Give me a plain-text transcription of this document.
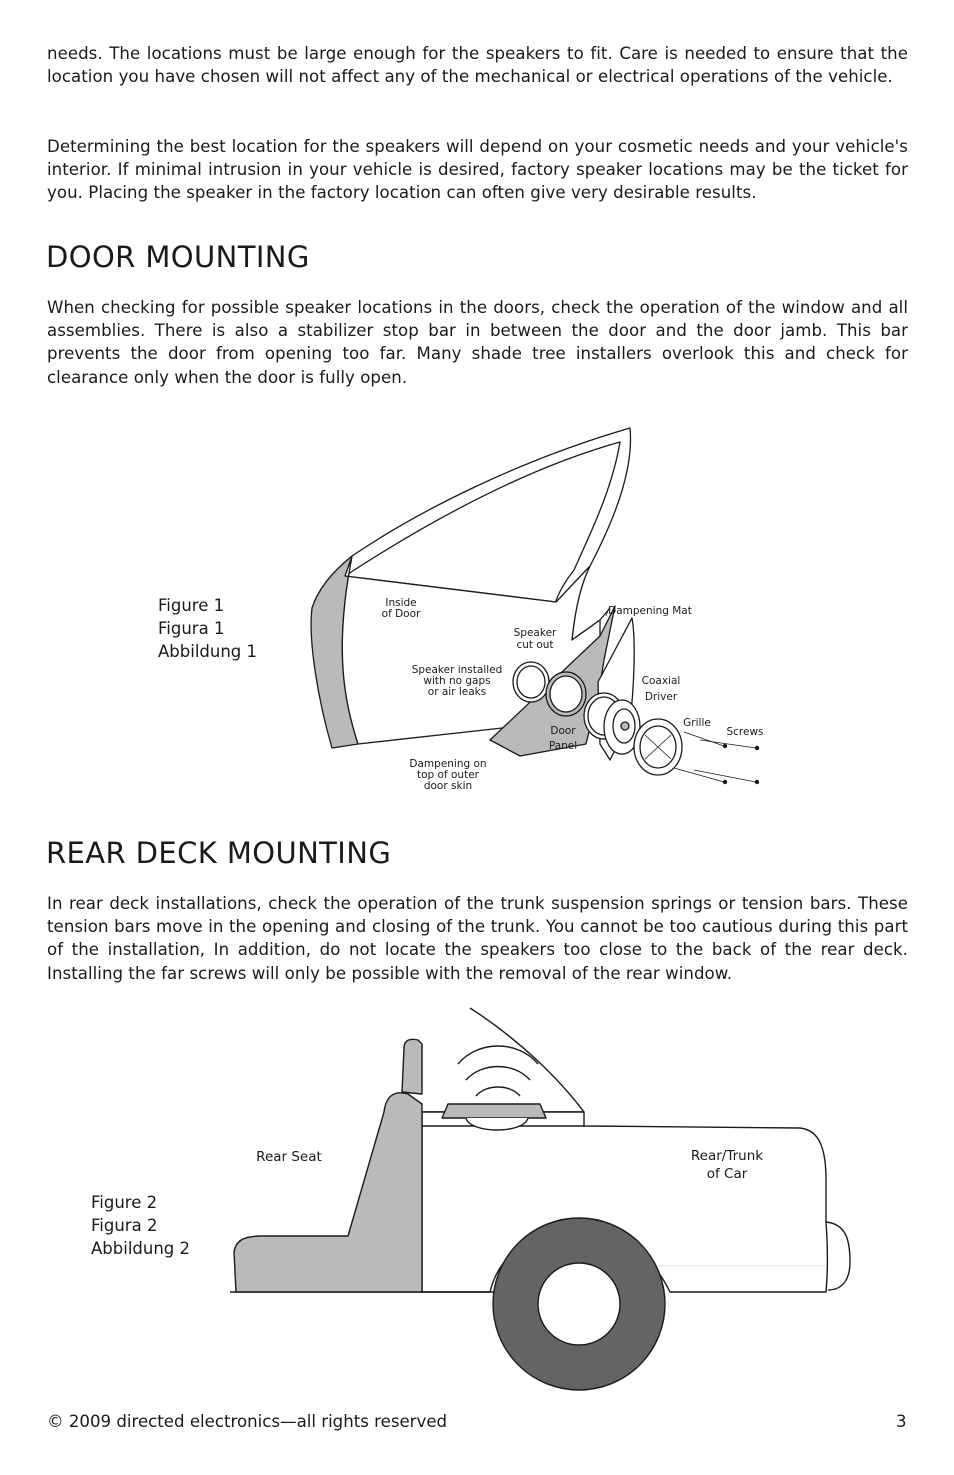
needs. The locations must be large enough for the speakers to fit. Care is needed to ensure that the location you have chosen will not affect any of the mechanical or electrical operations of the vehicle.

Determining the best location for the speakers will depend on your cosmetic needs and your vehicle's interior. If minimal intrusion in your vehicle is desired, factory speaker locations may be the ticket for you. Placing the speaker in the factory location can often give very desirable results.

DOOR MOUNTING

When checking for possible speaker locations in the doors, check the operation of the window and all assemblies. There is also a stabilizer stop bar in between the door and the door jamb. This bar prevents the door from opening too far. Many shade tree installers overlook this and check for clearance only when the door is fully open.

Figure 1
Figura 1
Abbildung 1
Inside
of Door	Dampening Mat
Speaker
cut out
Speaker installed
with no gaps
or air leaks
Coaxial
Driver
Grille
Screws
Door
Panel
Dampening on
top of outer
door skin
REAR DECK MOUNTING

In rear deck installations, check the operation of the trunk suspension springs or tension bars. These tension bars move in the opening and closing of the trunk. You cannot be too cautious during this part of the installation, In addition, do not locate the speakers too close to the back of the rear deck. Installing the far screws will only be possible with the removal of the rear window.

Figure 2
Figura 2
Abbildung 2
Rear Seat	Rear/Trunk
of Car
© 2009 directed electronics—all rights reserved	3
